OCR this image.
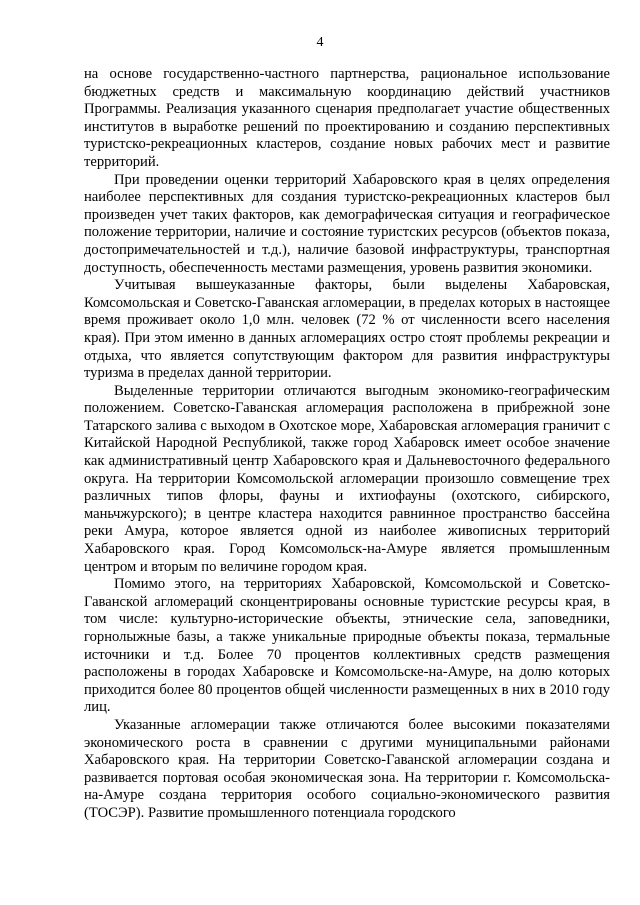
4

на основе государственно-частного партнерства, рациональное использование бюджетных средств и максимальную координацию действий участников Программы. Реализация указанного сценария предполагает участие общественных институтов в выработке решений по проектированию и созданию перспективных туристско-рекреационных кластеров, создание новых рабочих мест и развитие территорий.

При проведении оценки территорий Хабаровского края в целях определения наиболее перспективных для создания туристско-рекреационных кластеров был произведен учет таких факторов, как демографическая ситуация и географическое положение территории, наличие и состояние туристских ресурсов (объектов показа, достопримечательностей и т.д.), наличие базовой инфраструктуры, транспортная доступность, обеспеченность местами размещения, уровень развития экономики.

Учитывая вышеуказанные факторы, были выделены Хабаровская, Комсомольская и Советско-Гаванская агломерации, в пределах которых в настоящее время проживает около 1,0 млн. человек (72 % от численности всего населения края). При этом именно в данных агломерациях остро стоят проблемы рекреации и отдыха, что является сопутствующим фактором для развития инфраструктуры туризма в пределах данной территории.

Выделенные территории отличаются выгодным экономико-географическим положением. Советско-Гаванская агломерация расположена в прибрежной зоне Татарского залива с выходом в Охотское море, Хабаровская агломерация граничит с Китайской Народной Республикой, также город Хабаровск имеет особое значение как административный центр Хабаровского края и Дальневосточного федерального округа. На территории Комсомольской агломерации произошло совмещение трех различных типов флоры, фауны и ихтиофауны (охотского, сибирского, маньчжурского); в центре кластера находится равнинное пространство бассейна реки Амура, которое является одной из наиболее живописных территорий Хабаровского края. Город Комсомольск-на-Амуре является промышленным центром и вторым по величине городом края.

Помимо этого, на территориях Хабаровской, Комсомольской и Советско-Гаванской агломераций сконцентрированы основные туристские ресурсы края, в том числе: культурно-исторические объекты, этнические села, заповедники, горнолыжные базы, а также уникальные природные объекты показа, термальные источники и т.д. Более 70 процентов коллективных средств размещения расположены в городах Хабаровске и Комсомольске-на-Амуре, на долю которых приходится более 80 процентов общей численности размещенных в них в 2010 году лиц.

Указанные агломерации также отличаются более высокими показателями экономического роста в сравнении с другими муниципальными районами Хабаровского края. На территории Советско-Гаванской агломерации создана и развивается портовая особая экономическая зона. На территории г. Комсомольска-на-Амуре создана территория особого социально-экономического развития (ТОСЭР). Развитие промышленного потенциала городского
